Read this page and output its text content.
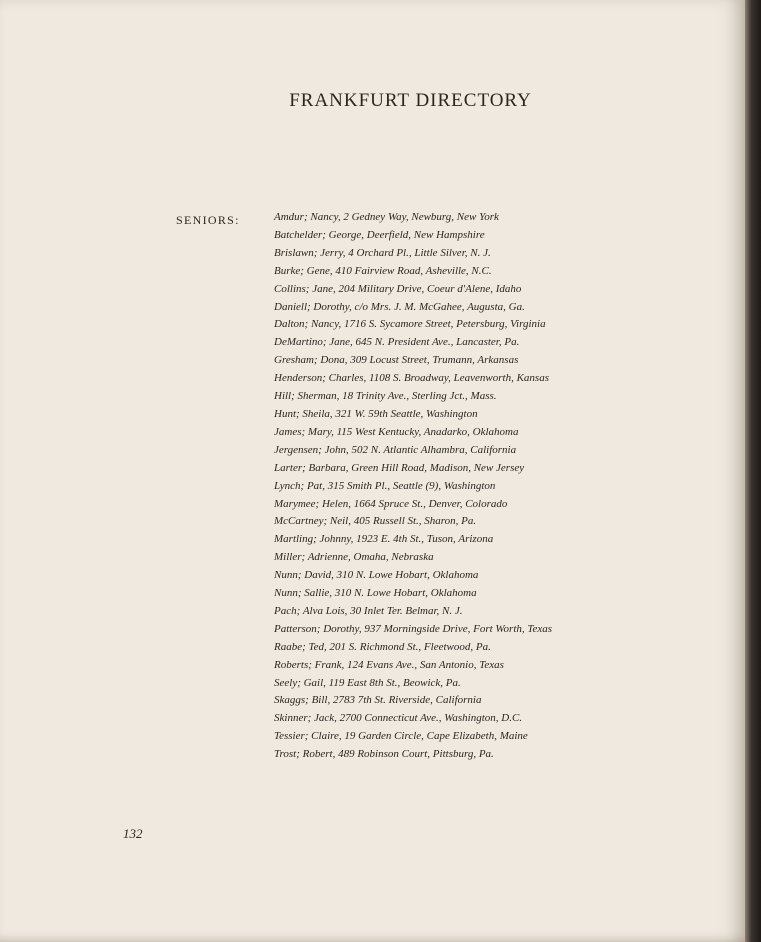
FRANKFURT DIRECTORY
SENIORS:	Amdur; Nancy, 2 Gedney Way, Newburg, New York
Batchelder; George, Deerfield, New Hampshire
Brislawn; Jerry, 4 Orchard Pl., Little Silver, N. J.
Burke; Gene, 410 Fairview Road, Asheville, N.C.
Collins; Jane, 204 Military Drive, Coeur d'Alene, Idaho
Daniell; Dorothy, c/o Mrs. J. M. McGahee, Augusta, Ga.
Dalton; Nancy, 1716 S. Sycamore Street, Petersburg, Virginia
DeMartino; Jane, 645 N. President Ave., Lancaster, Pa.
Gresham; Dona, 309 Locust Street, Trumann, Arkansas
Henderson; Charles, 1108 S. Broadway, Leavenworth, Kansas
Hill; Sherman, 18 Trinity Ave., Sterling Jct., Mass.
Hunt; Sheila, 321 W. 59th Seattle, Washington
James; Mary, 115 West Kentucky, Anadarko, Oklahoma
Jergensen; John, 502 N. Atlantic Alhambra, California
Larter; Barbara, Green Hill Road, Madison, New Jersey
Lynch; Pat, 315 Smith Pl., Seattle (9), Washington
Marymee; Helen, 1664 Spruce St., Denver, Colorado
McCartney; Neil, 405 Russell St., Sharon, Pa.
Martling; Johnny, 1923 E. 4th St., Tuson, Arizona
Miller; Adrienne, Omaha, Nebraska
Nunn; David, 310 N. Lowe Hobart, Oklahoma
Nunn; Sallie, 310 N. Lowe Hobart, Oklahoma
Pach; Alva Lois, 30 Inlet Ter. Belmar, N. J.
Patterson; Dorothy, 937 Morningside Drive, Fort Worth, Texas
Raabe; Ted, 201 S. Richmond St., Fleetwood, Pa.
Roberts; Frank, 124 Evans Ave., San Antonio, Texas
Seely; Gail, 119 East 8th St., Beowick, Pa.
Skaggs; Bill, 2783 7th St. Riverside, California
Skinner; Jack, 2700 Connecticut Ave., Washington, D.C.
Tessier; Claire, 19 Garden Circle, Cape Elizabeth, Maine
Trost; Robert, 489 Robinson Court, Pittsburg, Pa.
132
